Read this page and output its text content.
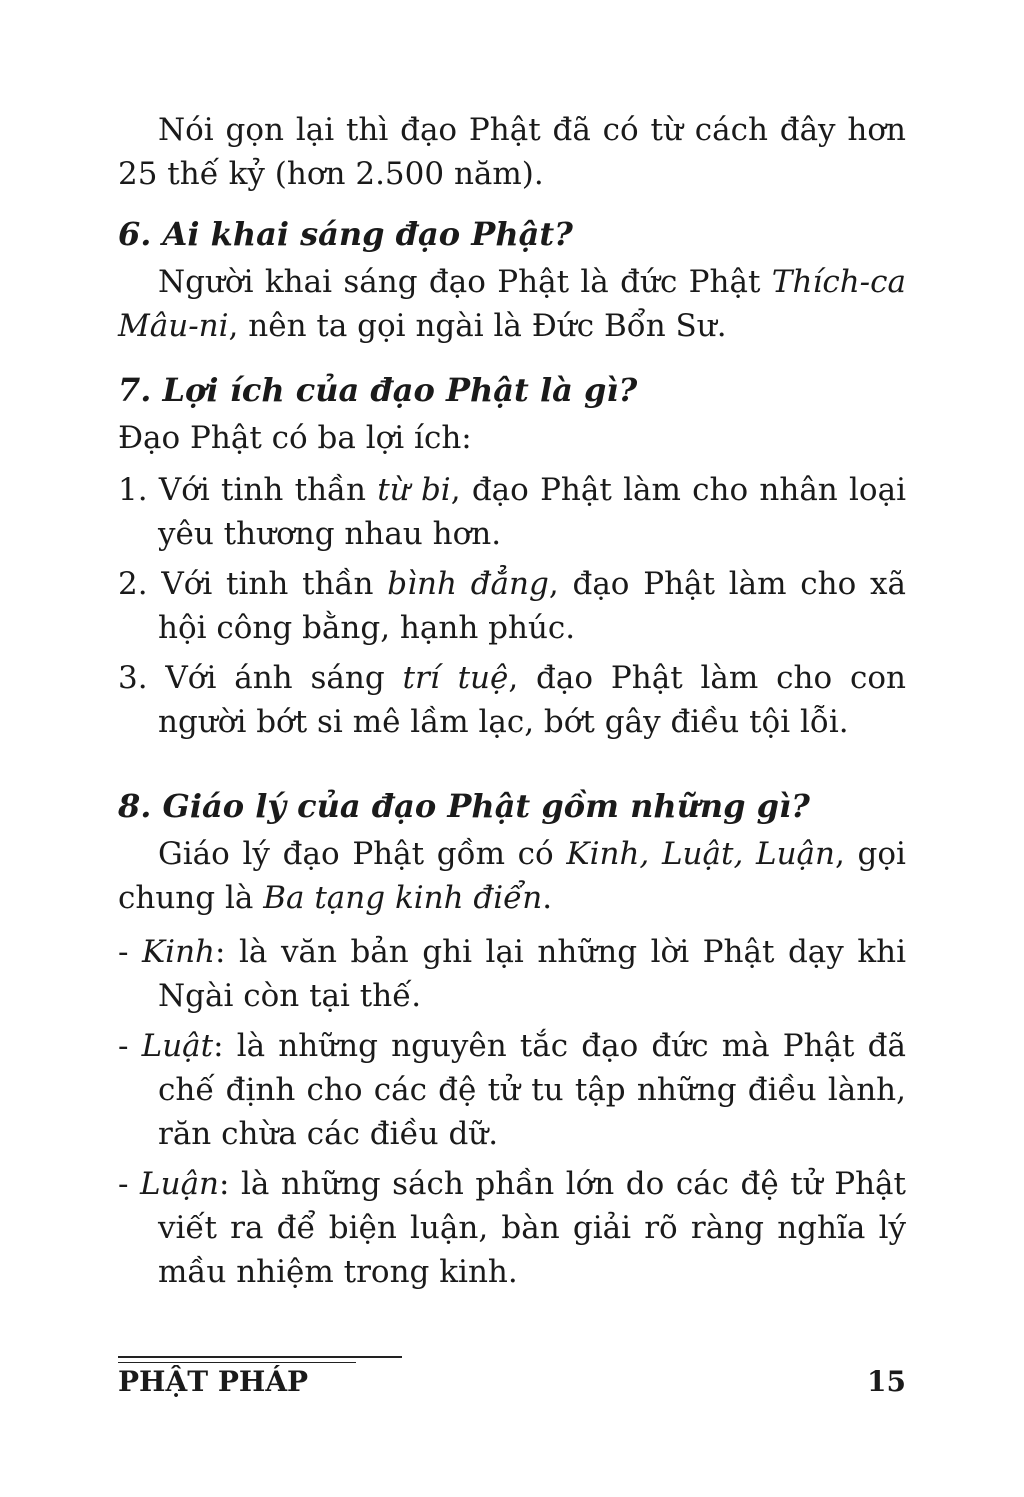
Nói gọn lại thì đạo Phật đã có từ cách đây hơn 25 thế kỷ (hơn 2.500 năm).

6. Ai khai sáng đạo Phật?

Người khai sáng đạo Phật là đức Phật Thích-ca Mâu-ni, nên ta gọi ngài là Đức Bổn Sư.

7. Lợi ích của đạo Phật là gì?

Đạo Phật có ba lợi ích:

1. Với tinh thần từ bi, đạo Phật làm cho nhân loại yêu thương nhau hơn.

2. Với tinh thần bình đẳng, đạo Phật làm cho xã hội công bằng, hạnh phúc.

3. Với ánh sáng trí tuệ, đạo Phật làm cho con người bớt si mê lầm lạc, bớt gây điều tội lỗi.

8. Giáo lý của đạo Phật gồm những gì?

Giáo lý đạo Phật gồm có Kinh, Luật, Luận, gọi chung là Ba tạng kinh điển.

- Kinh: là văn bản ghi lại những lời Phật dạy khi Ngài còn tại thế.

- Luật: là những nguyên tắc đạo đức mà Phật đã chế định cho các đệ tử tu tập những điều lành, răn chừa các điều dữ.

- Luận: là những sách phần lớn do các đệ tử Phật viết ra để biện luận, bàn giải rõ ràng nghĩa lý mầu nhiệm trong kinh.

PHẬT PHÁP	15
